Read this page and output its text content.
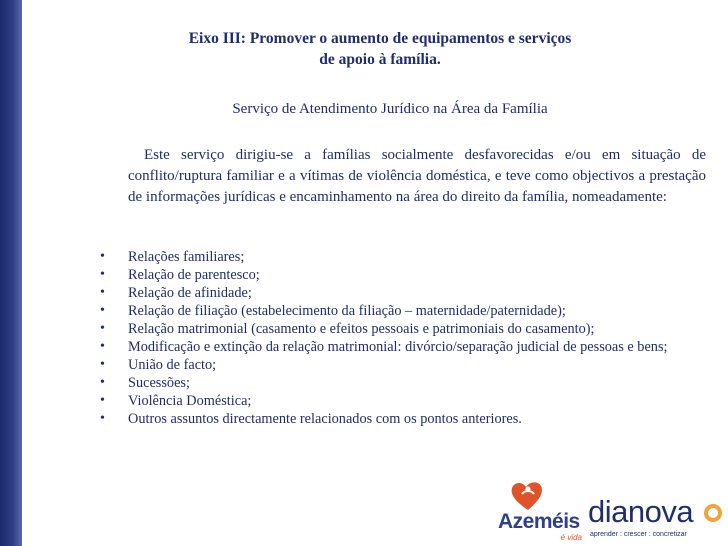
Eixo III: Promover o aumento de equipamentos e serviços
de apoio à família.
Serviço de Atendimento Jurídico na Área da Família
Este serviço dirigiu-se a famílias socialmente desfavorecidas e/ou em situação de conflito/ruptura familiar e a vítimas de violência doméstica, e teve como objectivos a prestação de informações jurídicas e encaminhamento na área do direito da família, nomeadamente:
• Relações familiares;
• Relação de parentesco;
• Relação de afinidade;
• Relação de filiação (estabelecimento da filiação – maternidade/paternidade);
• Relação matrimonial (casamento e efeitos pessoais e patrimoniais do casamento);
• Modificação e extinção da relação matrimonial: divórcio/separação judicial de pessoas e bens;
• União de facto;
• Sucessões;
• Violência Doméstica;
• Outros assuntos directamente relacionados com os pontos anteriores.
Azeméis
é vida
dianova
aprender : crescer : concretizar
